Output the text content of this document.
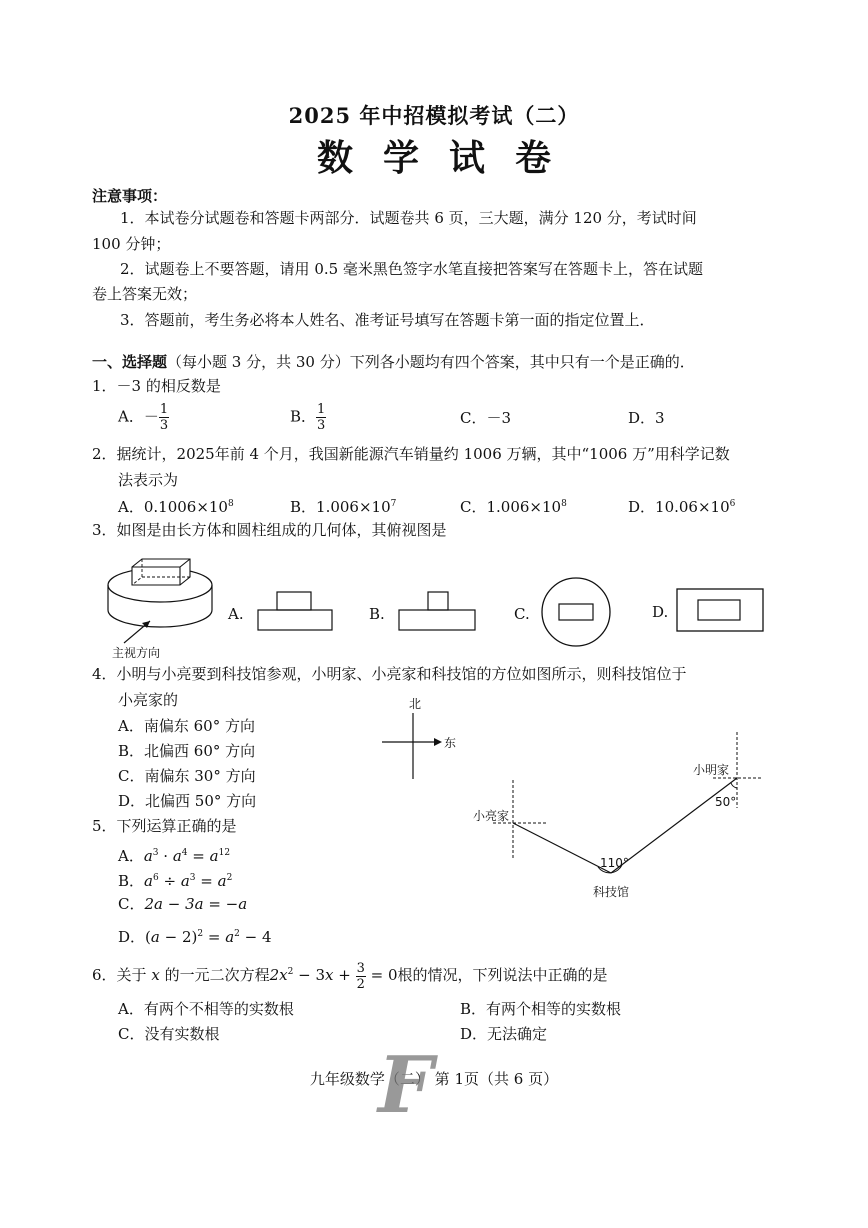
2025 年中招模拟考试（二）
数学试卷
注意事项：
1．本试卷分试题卷和答题卡两部分．试题卷共 6 页，三大题，满分 120 分，考试时间
100 分钟；
2．试题卷上不要答题，请用 0.5 毫米黑色签字水笔直接把答案写在答题卡上，答在试题
卷上答案无效；
3．答题前，考生务必将本人姓名、准考证号填写在答题卡第一面的指定位置上．
一、选择题（每小题 3 分，共 30 分）下列各小题均有四个答案，其中只有一个是正确的．
1．－3 的相反数是
A．－ $\frac{1}{3}$	B． $\frac{1}{3}$	C．－3	D．3
2．据统计，2025年前 4 个月，我国新能源汽车销量约 1006 万辆，其中“1006 万”用科学记数
法表示为
A．$0.1006\times 10^8$	B．$1.006\times 10^7$	C．$1.006\times 10^8$	D．$10.06\times 10^6$
3．如图是由长方体和圆柱组成的几何体，其俯视图是
主视方向
A.	B.	C.	D.
4．小明与小亮要到科技馆参观，小明家、小亮家和科技馆的方位如图所示，则科技馆位于
小亮家的
A．南偏东 60° 方向
B．北偏西 60° 方向
C．南偏东 30° 方向
D．北偏西 50° 方向
北
东
小亮家
小明家
科技馆
50°
110°
5．下列运算正确的是
A．$a^3 \cdot a^4 = a^{12}$
B．$a^6 \div a^3 = a^2$
C．2a − 3a = −a
D．$(a - 2)^2 = a^2 - 4$
6．关于 x 的一元二次方程$2x^2 - 3x + \frac{3}{2} = 0$根的情况，下列说法中正确的是
A．有两个不相等的实数根	B．有两个相等的实数根
C．没有实数根	D．无法确定
九年级数学（二） 第 1页（共 6 页）
F
